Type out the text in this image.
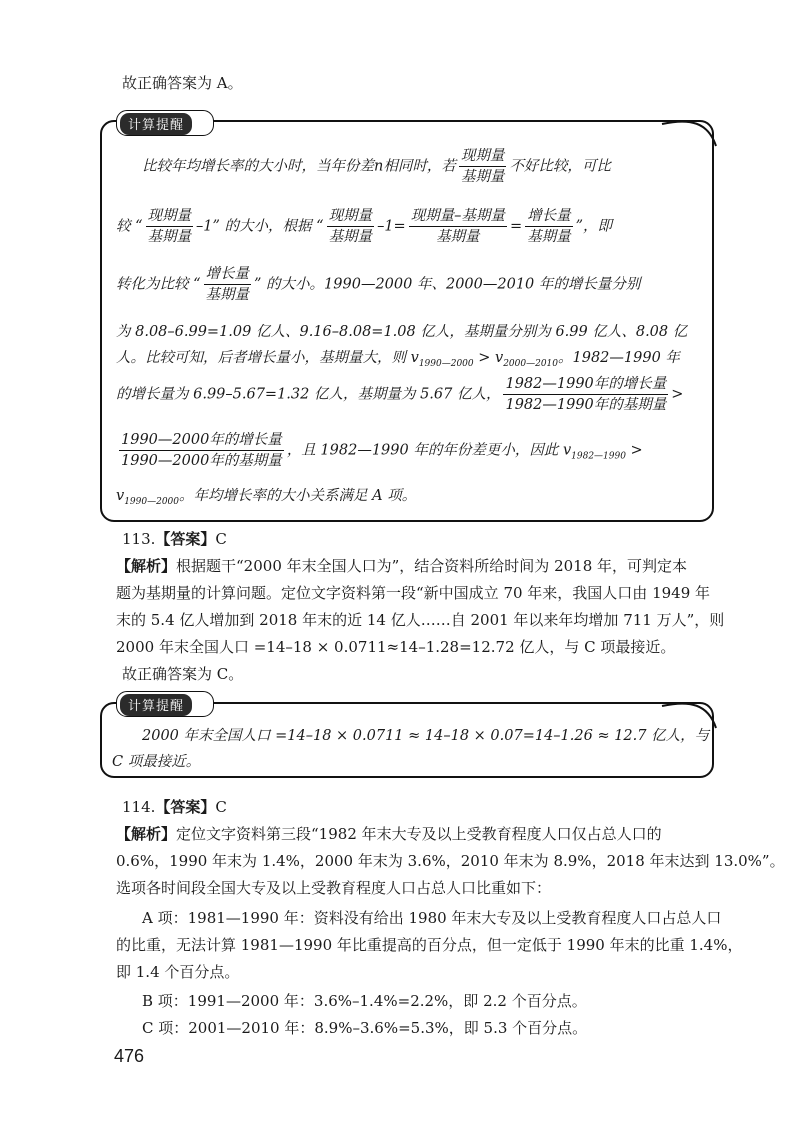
故正确答案为 A。
计算提醒
比较年均增长率的大小时，当年份差n相同时，若 $\frac{\text{现期量}}{\text{基期量}}$ 不好比较，可比
较 “ $\frac{\text{现期量}}{\text{基期量}} -1$” 的大小，根据 “ $\frac{\text{现期量}}{\text{基期量}} -1= \frac{\text{现期量–基期量}}{\text{基期量}} = \frac{\text{增长量}}{\text{基期量}}$ ”，即
转化为比较 “ $\frac{\text{增长量}}{\text{基期量}}$ ” 的大小。1990—2000 年、2000—2010 年的增长量分别
为 8.08–6.99=1.09 亿人、9.16–8.08=1.08 亿人，基期量分别为 6.99 亿人、8.08 亿
人。比较可知，后者增长量小，基期量大，则 $v_{1990—2000} > v_{2000—2010}$。1982—1990 年
的增长量为 6.99–5.67=1.32 亿人，基期量为 5.67 亿人， $\frac{\text{1982—1990年的增长量}}{\text{1982—1990年的基期量}}$ >
$\frac{\text{1990—2000年的增长量}}{\text{1990—2000年的基期量}}$ ，且 1982—1990 年的年份差更小，因此 $v_{1982—1990}$ >
$v_{1990—2000}$。年均增长率的大小关系满足 A 项。
113.【答案】C
【解析】根据题干“2000 年末全国人口为”，结合资料所给时间为 2018 年，可判定本
题为基期量的计算问题。定位文字资料第一段“新中国成立 70 年来，我国人口由 1949 年
末的 5.4 亿人增加到 2018 年末的近 14 亿人……自 2001 年以来年均增加 711 万人”，则
2000 年末全国人口 =14–18 × 0.0711≈14–1.28=12.72 亿人，与 C 项最接近。
故正确答案为 C。
计算提醒
2000 年末全国人口 =14–18 × 0.0711 ≈ 14–18 × 0.07=14–1.26 ≈ 12.7 亿人，与
C 项最接近。
114.【答案】C
【解析】定位文字资料第三段“1982 年末大专及以上受教育程度人口仅占总人口的
0.6%，1990 年末为 1.4%，2000 年末为 3.6%，2010 年末为 8.9%，2018 年末达到 13.0%”。
选项各时间段全国大专及以上受教育程度人口占总人口比重如下：
A 项：1981—1990 年：资料没有给出 1980 年末大专及以上受教育程度人口占总人口
的比重，无法计算 1981—1990 年比重提高的百分点，但一定低于 1990 年末的比重 1.4%，
即 1.4 个百分点。
B 项：1991—2000 年：3.6%–1.4%=2.2%，即 2.2 个百分点。
C 项：2001—2010 年：8.9%–3.6%=5.3%，即 5.3 个百分点。
476
